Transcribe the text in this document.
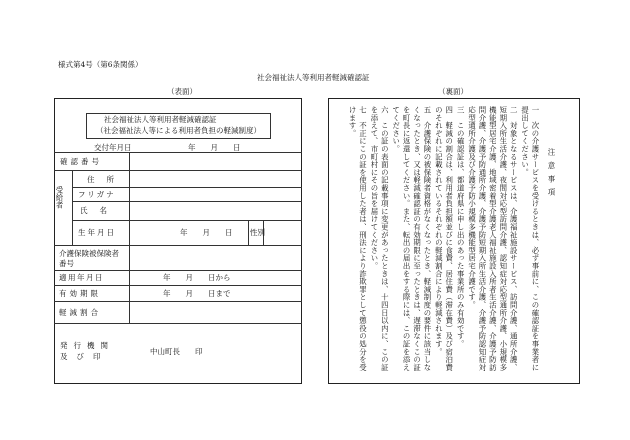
様式第4号（第6条関係）
社会福祉法人等利用者軽減確認証
（表面）	（裏面）
社会福祉法人等利用者軽減確認証
（社会福祉法人等による利用者負担の軽減制度）
交付年月日	年　　月　　日
確認番号
受給者
住所
フリガナ
氏名
生年月日	年　　月　　日 性別
介護保険被保険者
番号
適用年月日	年　　月　　日から
有効期限	年　　月　　日まで
軽減割合
発行機関
及び印
中山町長　　印
注意事項
一　次の介護サービスを受けるときは、必ず事前に、この確認証を事業者に提出してください。
二　対象となるサービスは、介護福祉施設サービス、訪問介護、通所介護、短期入所生活介護、夜間対応型訪問介護、認知症対応型通所介護、小規模多機能型居宅介護、地域密着型介護老人福祉施設入所者生活介護、介護予防訪問介護、介護予防通所介護、介護予防短期入所生活介護、介護予防認知症対応型通所介護及び介護予防小規模多機能型居宅介護です。
三　この確認証は、都道府県に申し出のあった事業所のみ有効です。
四　軽減の割合は、利用者負担額並びに食費、居住費（滞在費）及び宿泊費のそれぞれに記載されているそれぞれの軽減割合により軽減されます。
五　介護保険の被保険者資格がなくなったとき、軽減制度の要件に該当しなくなったとき、又は軽減確認証の有効期限に至ったときは、遅滞なくこの証を町長に返還してください。また、転出の届出をする際には、この証を添えてください。
六　この証の表面の記載事項に変更があったときは、十四日以内に、この証を添えて、市町村にその旨を届けてください。
七　不正にこの証を使用した者は、刑法により詐欺罪として懲役の処分を受けます。
